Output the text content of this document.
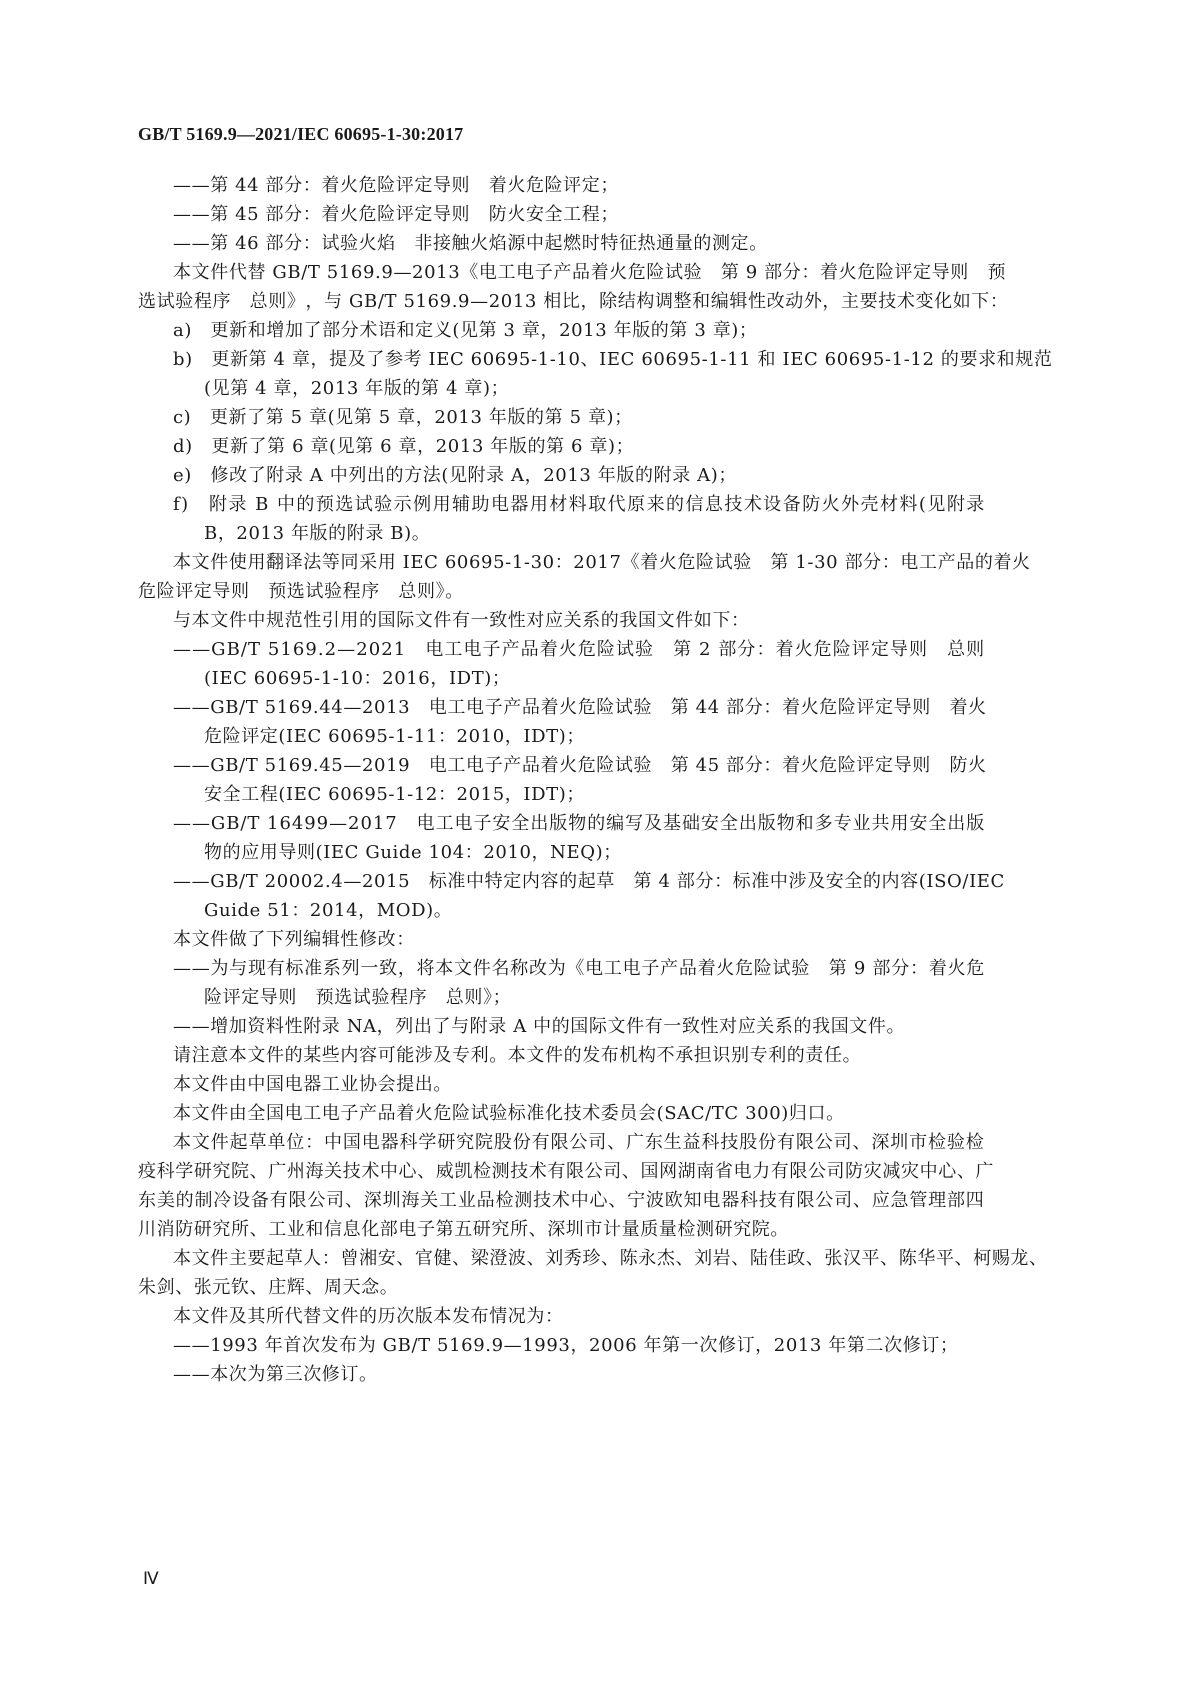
GB/T 5169.9—2021/IEC 60695-1-30:2017
——第 44 部分：着火危险评定导则　着火危险评定；
——第 45 部分：着火危险评定导则　防火安全工程；
——第 46 部分：试验火焰　非接触火焰源中起燃时特征热通量的测定。
本 文 件 代 替
G B / T
5 1 6 9 . 9 — 2 0 1 3 《 电 工 电 子 产 品 着 火 危 险 试 验
　 第
9
部 分 ： 着 火 危 险 评 定 导 则
　 预
选 试 验 程 序
　 总 则 》 ， 与
G B / T
5 1 6 9 . 9 — 2 0 1 3
相 比 ， 除 结 构 调 整 和 编 辑 性 改 动 外 ， 主 要 技 术 变 化 如 下 ：
a)　更新和增加了部分术语和定义(见第 3 章，2013 年版的第 3 章)；
b )
　 更 新 第
4
章 ， 提 及 了 参 考
I E C
6 0 6 9 5 - 1 - 1 0 、 I E C
6 0 6 9 5 - 1 - 1 1
和
I E C
6 0 6 9 5 - 1 - 1 2
的 要 求 和 规 范
(见第 4 章，2013 年版的第 4 章)；
c)　更新了第 5 章(见第 5 章，2013 年版的第 5 章)；
d)　更新了第 6 章(见第 6 章，2013 年版的第 6 章)；
e)　修改了附录 A 中列出的方法(见附录 A，2013 年版的附录 A)；
f )
　 附 录
B
中 的 预 选 试 验 示 例 用 辅 助 电 器 用 材 料 取 代 原 来 的 信 息 技 术 设 备 防 火 外 壳 材 料 ( 见 附 录
B，2013 年版的附录 B)。
本 文 件 使 用 翻 译 法 等 同 采 用
I E C
6 0 6 9 5 - 1 - 3 0 ： 2 0 1 7 《 着 火 危 险 试 验
　 第
1 - 3 0
部 分 ： 电 工 产 品 的 着 火
危险评定导则　预选试验程序　总则》。
与本文件中规范性引用的国际文件有一致性对应关系的我国文件如下：
— — G B / T
5 1 6 9 . 2 — 2 0 2 1
　 电 工 电 子 产 品 着 火 危 险 试 验
　 第
2
部 分 ： 着 火 危 险 评 定 导 则
　 总 则
(IEC 60695-1-10：2016，IDT)；
— — G B / T
5 1 6 9 . 4 4 — 2 0 1 3
　 电 工 电 子 产 品 着 火 危 险 试 验
　 第
4 4
部 分 ： 着 火 危 险 评 定 导 则
　 着 火
危险评定(IEC 60695-1-11：2010，IDT)；
— — G B / T
5 1 6 9 . 4 5 — 2 0 1 9
　 电 工 电 子 产 品 着 火 危 险 试 验
　 第
4 5
部 分 ： 着 火 危 险 评 定 导 则
　 防 火
安全工程(IEC 60695-1-12：2015，IDT)；
— — G B / T
1 6 4 9 9 — 2 0 1 7
　 电 工 电 子 安 全 出 版 物 的 编 写 及 基 础 安 全 出 版 物 和 多 专 业 共 用 安 全 出 版
物的应用导则(IEC Guide 104：2010，NEQ)；
— — G B / T
2 0 0 0 2 . 4 — 2 0 1 5
　 标 准 中 特 定 内 容 的 起 草
　 第
4
部 分 ： 标 准 中 涉 及 安 全 的 内 容 ( I S O / I E C
Guide 51：2014，MOD)。
本文件做了下列编辑性修改：
— — 为 与 现 有 标 准 系 列 一 致 ， 将 本 文 件 名 称 改 为 《 电 工 电 子 产 品 着 火 危 险 试 验
　 第
9
部 分 ： 着 火 危
险评定导则　预选试验程序　总则》；
——增加资料性附录 NA，列出了与附录 A 中的国际文件有一致性对应关系的我国文件。
请注意本文件的某些内容可能涉及专利。本文件的发布机构不承担识别专利的责任。
本文件由中国电器工业协会提出。
本文件由全国电工电子产品着火危险试验标准化技术委员会(SAC/TC 300)归口。
本 文 件 起 草 单 位 ： 中 国 电 器 科 学 研 究 院 股 份 有 限 公 司 、 广 东 生 益 科 技 股 份 有 限 公 司 、 深 圳 市 检 验 检
疫 科 学 研 究 院 、 广 州 海 关 技 术 中 心 、 威 凯 检 测 技 术 有 限 公 司 、 国 网 湖 南 省 电 力 有 限 公 司 防 灾 减 灾 中 心 、 广
东 美 的 制 冷 设 备 有 限 公 司 、 深 圳 海 关 工 业 品 检 测 技 术 中 心 、 宁 波 欧 知 电 器 科 技 有 限 公 司 、 应 急 管 理 部 四
川消防研究所、工业和信息化部电子第五研究所、深圳市计量质量检测研究院。
本 文 件 主 要 起 草 人 ： 曾 湘 安 、 官 健 、 梁 澄 波 、 刘 秀 珍 、 陈 永 杰 、 刘 岩 、 陆 佳 政 、 张 汉 平 、 陈 华 平 、 柯 赐 龙 、
朱剑、张元钦、庄辉、周天念。
本文件及其所代替文件的历次版本发布情况为：
——1993 年首次发布为 GB/T 5169.9—1993，2006 年第一次修订，2013 年第二次修订；
——本次为第三次修订。
Ⅳ
